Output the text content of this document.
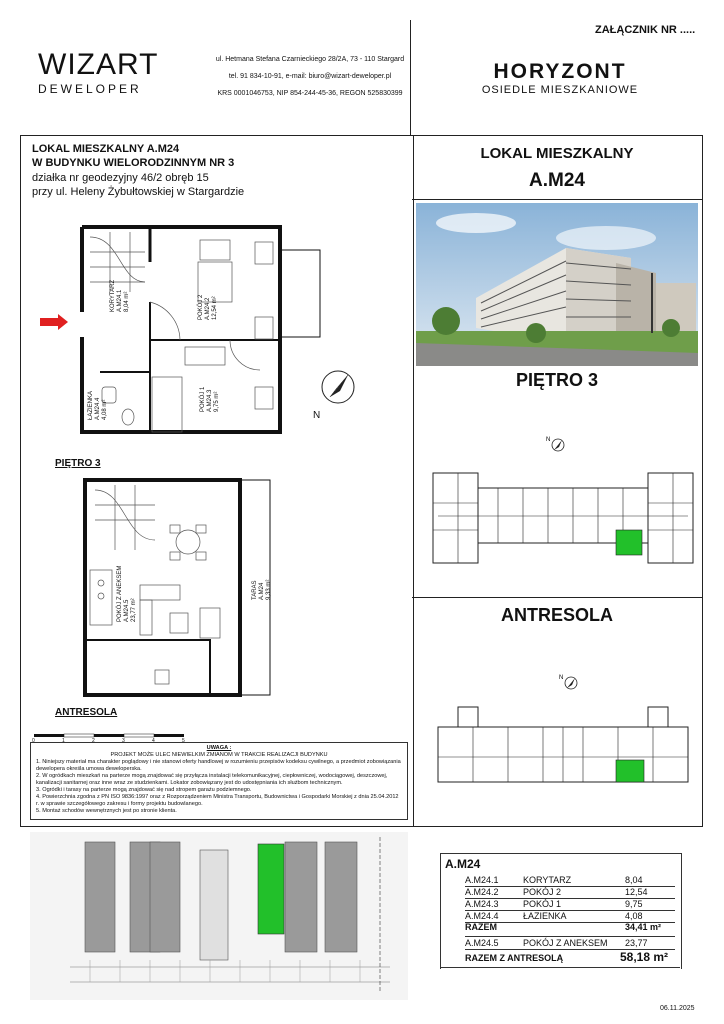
ZAŁĄCZNIK NR .....
WIZART
DEWELOPER
ul. Hetmana Stefana Czarnieckiego 28/2A, 73 - 110 Stargard
tel. 91 834-10-91, e-mail: biuro@wizart-deweloper.pl
KRS 0001046753, NIP 854-244-45-36, REGON 525830399
HORYZONT
OSIEDLE MIESZKANIOWE
LOKAL MIESZKALNY A.M24
W BUDYNKU WIELORODZINNYM NR 3
działka nr geodezyjny 46/2 obręb 15
przy ul. Heleny Żybułtowskiej w Stargardzie
LOKAL MIESZKALNY
A.M24
PIĘTRO 3
N
ANTRESOLA
N
KORYTARZ A.M24.1 8,04 m²	POKÓJ 2 A.M24.2 12,54 m²
ŁAZIENKA A.M24.4 4,08 m²	POKÓJ 1 A.M24.3 9,75 m²
N
PIĘTRO 3
POKÓJ Z ANEKSEM A.M24.5 23,77 m²
TARAS A.M24 9,33 m²
ANTRESOLA
0	1	2	3	4	5
UWAGA :
PROJEKT MOŻE ULEC NIEWIELKIM ZMIANOM W TRAKCIE REALIZACJI BUDYNKU
1. Niniejszy materiał ma charakter poglądowy i nie stanowi oferty handlowej w rozumieniu przepisów kodeksu cywilnego, a przedmiot zobowiązania dewelopera określa umowa deweloperska.
2. W ogródkach mieszkań na parterze mogą znajdować się przyłącza instalacji telekomunikacyjnej, ciepłowniczej, wodociągowej, deszczowej, kanalizacji sanitarnej oraz inne wraz ze studzienkami. Lokator zobowiązany jest do udostępniania ich służbom technicznym.
3. Ogródki i tarasy na parterze mogą znajdować się nad stropem garażu podziemnego.
4. Powierzchnia zgodna z PN ISO 9836:1997 oraz z Rozporządzeniem Ministra Transportu, Budownictwa i Gospodarki Morskiej z dnia 25.04.2012 r. w sprawie szczegółowego zakresu i formy projektu budowlanego.
5. Montaż schodów wewnętrznych jest po stronie klienta.
A.M24
A.M24.1	KORYTARZ	8,04
A.M24.2	POKÓJ 2	12,54
A.M24.3	POKÓJ 1	9,75
A.M24.4	ŁAZIENKA	4,08
RAZEM	34,41 m²
A.M24.5	POKÓJ Z ANEKSEM 23,77
RAZEM Z ANTRESOLĄ	58,18 m²
06.11.2025
